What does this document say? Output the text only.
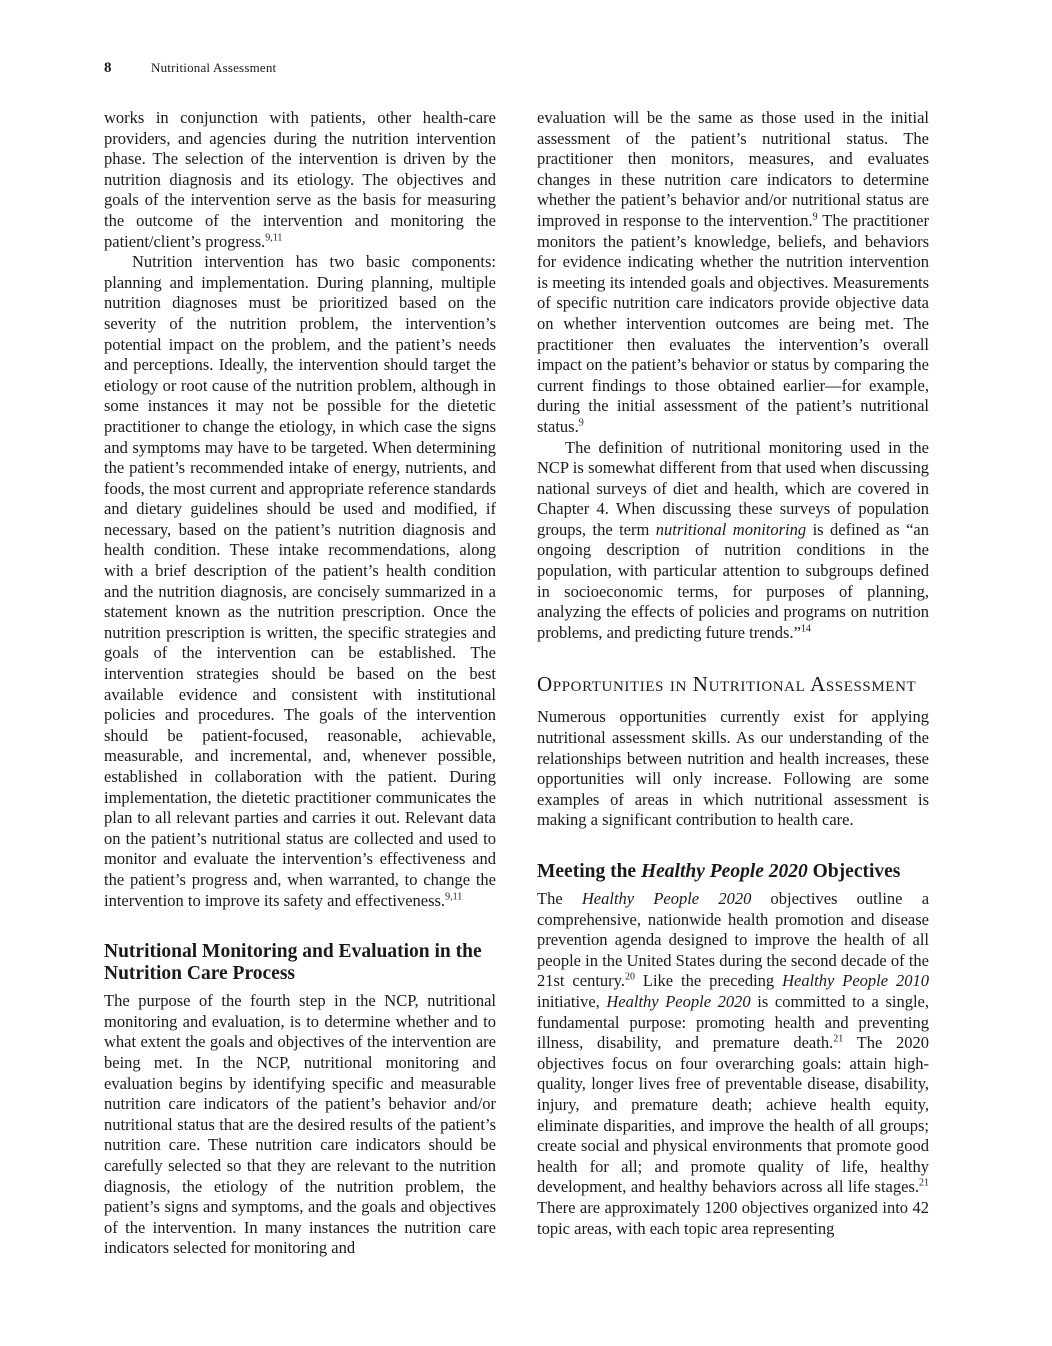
8	Nutritional Assessment

works in conjunction with patients, other health-care providers, and agencies during the nutrition intervention phase. The selection of the intervention is driven by the nutrition diagnosis and its etiology. The objectives and goals of the intervention serve as the basis for measuring the outcome of the intervention and monitoring the patient/client’s progress.$^{9,11}$

Nutrition intervention has two basic components: planning and implementation. During planning, multiple nutrition diagnoses must be prioritized based on the severity of the nutrition problem, the intervention’s potential impact on the problem, and the patient’s needs and perceptions. Ideally, the intervention should target the etiology or root cause of the nutrition problem, although in some instances it may not be possible for the dietetic practitioner to change the etiology, in which case the signs and symptoms may have to be targeted. When determining the patient’s recommended intake of energy, nutrients, and foods, the most current and appropriate reference standards and dietary guidelines should be used and modified, if necessary, based on the patient’s nutrition diagnosis and health condition. These intake recommendations, along with a brief description of the patient’s health condition and the nutrition diagnosis, are concisely summarized in a statement known as the nutrition prescription. Once the nutrition prescription is written, the specific strategies and goals of the intervention can be established. The intervention strategies should be based on the best available evidence and consistent with institutional policies and procedures. The goals of the intervention should be patient-focused, reasonable, achievable, measurable, and incremental, and, whenever possible, established in collaboration with the patient. During implementation, the dietetic practitioner communicates the plan to all relevant parties and carries it out. Relevant data on the patient’s nutritional status are collected and used to monitor and evaluate the intervention’s effectiveness and the patient’s progress and, when warranted, to change the intervention to improve its safety and effectiveness.$^{9,11}$

Nutritional Monitoring and Evaluation in the Nutrition Care Process

The purpose of the fourth step in the NCP, nutritional monitoring and evaluation, is to determine whether and to what extent the goals and objectives of the intervention are being met. In the NCP, nutritional monitoring and evaluation begins by identifying specific and measurable nutrition care indicators of the patient’s behavior and/or nutritional status that are the desired results of the patient’s nutrition care. These nutrition care indicators should be carefully selected so that they are relevant to the nutrition diagnosis, the etiology of the nutrition problem, the patient’s signs and symptoms, and the goals and objectives of the intervention. In many instances the nutrition care indicators selected for monitoring and

evaluation will be the same as those used in the initial assessment of the patient’s nutritional status. The practitioner then monitors, measures, and evaluates changes in these nutrition care indicators to determine whether the patient’s behavior and/or nutritional status are improved in response to the intervention.$^9$ The practitioner monitors the patient’s knowledge, beliefs, and behaviors for evidence indicating whether the nutrition intervention is meeting its intended goals and objectives. Measurements of specific nutrition care indicators provide objective data on whether intervention outcomes are being met. The practitioner then evaluates the intervention’s overall impact on the patient’s behavior or status by comparing the current findings to those obtained earlier—for example, during the initial assessment of the patient’s nutritional status.$^9$

The definition of nutritional monitoring used in the NCP is somewhat different from that used when discussing national surveys of diet and health, which are covered in Chapter 4. When discussing these surveys of population groups, the term nutritional monitoring is defined as “an ongoing description of nutrition conditions in the population, with particular attention to subgroups defined in socioeconomic terms, for purposes of planning, analyzing the effects of policies and programs on nutrition problems, and predicting future trends.”$^{14}$

Opportunities in Nutritional Assessment

Numerous opportunities currently exist for applying nutritional assessment skills. As our understanding of the relationships between nutrition and health increases, these opportunities will only increase. Following are some examples of areas in which nutritional assessment is making a significant contribution to health care.

Meeting the Healthy People 2020 Objectives

The Healthy People 2020 objectives outline a comprehensive, nationwide health promotion and disease prevention agenda designed to improve the health of all people in the United States during the second decade of the 21st century.$^{20}$ Like the preceding Healthy People 2010 initiative, Healthy People 2020 is committed to a single, fundamental purpose: promoting health and preventing illness, disability, and premature death.$^{21}$ The 2020 objectives focus on four overarching goals: attain high-quality, longer lives free of preventable disease, disability, injury, and premature death; achieve health equity, eliminate disparities, and improve the health of all groups; create social and physical environments that promote good health for all; and promote quality of life, healthy development, and healthy behaviors across all life stages.$^{21}$ There are approximately 1200 objectives organized into 42 topic areas, with each topic area representing
